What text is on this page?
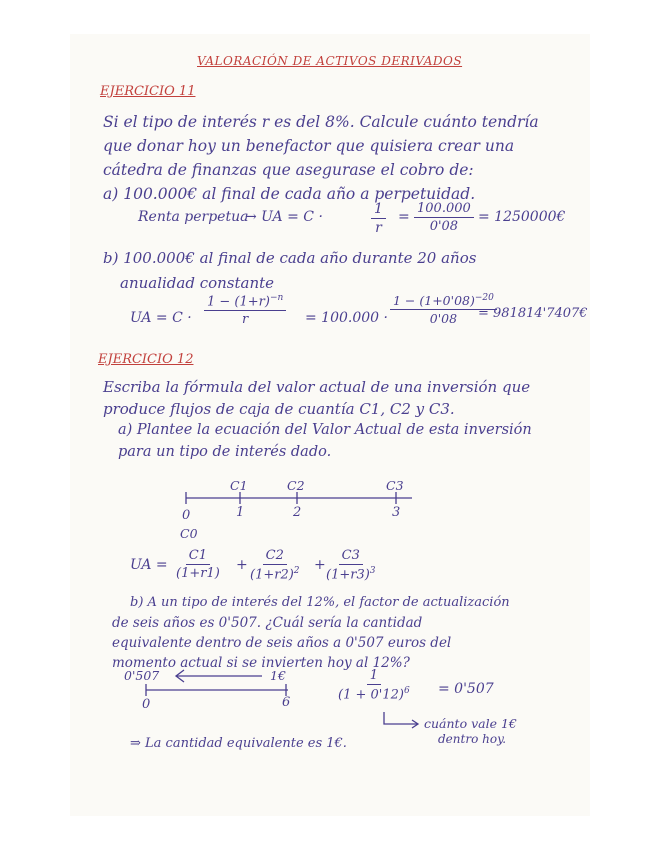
VALORACIÓN DE ACTIVOS DERIVADOS
EJERCICIO 11
Si el tipo de interés r es del 8%. Calcule cuánto tendría
que donar hoy un benefactor que quisiera crear una
cátedra de finanzas que asegurase el cobro de:
a) 100.000€ al final de cada año a perpetuidad.
Renta perpetua
→ UA = C ·	$\frac{1}{r} = \frac{100.000}{0'08}$ = 1250000€
b) 100.000€ al final de cada año durante 20 años
anualidad constante
UA = $C \cdot \frac{1 - (1+r)^{-n}}{r} = 100.000 \cdot \frac{1 - (1+0'08)^{-20}}{0'08}$
= 981814'7407€
EJERCICIO 12
Escriba la fórmula del valor actual de una inversión que
produce flujos de caja de cuantía C1, C2 y C3.
a) Plantee la ecuación del Valor Actual de esta inversión
para un tipo de interés dado.
C1	C2	C3
0	1	2	3
C0
UA = $\frac{C1}{(1+r1)} + \frac{C2}{(1+r2)^2} + \frac{C3}{(1+r3)^3}$
b) A un tipo de interés del 12%, el factor de actualización
de seis años es 0'507. ¿Cuál sería la cantidad
equivalente dentro de seis años a 0'507 euros del
momento actual si se invierten hoy al 12%?
0'507	1€
0	6
$\frac{1}{(1 + 0'12)^6} = 0'507$
cuánto vale 1€
dentro hoy.
⇒ La cantidad equivalente es 1€.
